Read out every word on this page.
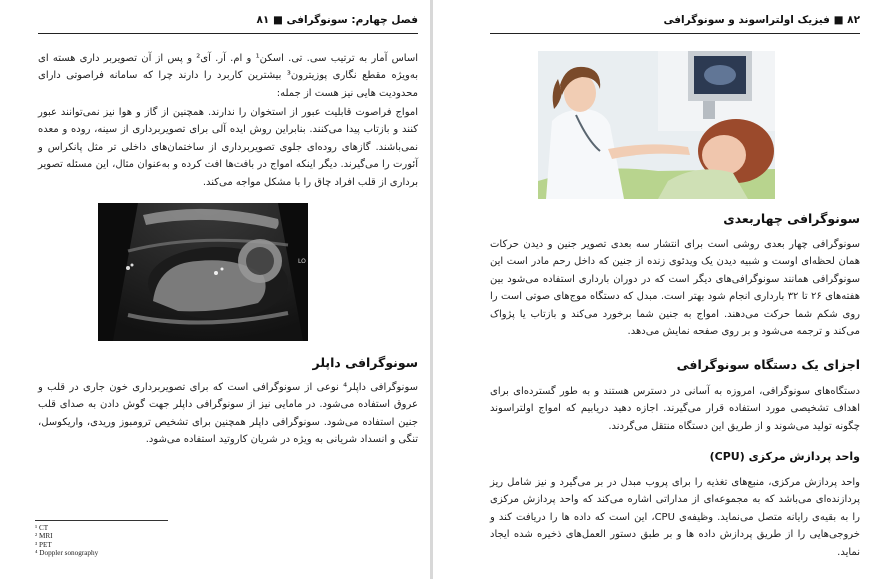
فصل چهارم: سونوگرافی ■ ۸۱

اساس آمار به ترتیب سی. تی. اسکن¹ و ام. آر. آی² و پس از آن تصویربر داری هسته ای به‌ویژه مقطع نگاری پوزیترون³ بیشترین کاربرد را دارند چرا که سامانه فراصوتی دارای محدودیت هایی نیز هست از جمله:

امواج فراصوت قابلیت عبور از استخوان را ندارند. همچنین از گاز و هوا نیز نمی‌توانند عبور کنند و بازتاب پیدا می‌کنند. بنابراین روش ایده آلی برای تصویربرداری از سینه، روده و معده نمی‌باشند. گازهای روده‌ای جلوی تصویربرداری از ساختمان‌های داخلی تر مثل پانکراس و آئورت را می‌گیرند. دیگر اینکه امواج در بافت‌ها افت کرده و به‌عنوان مثال، این مسئله تصویر برداری از قلب افراد چاق را با مشکل مواجه می‌کند.

LO
سونوگرافی داپلر

سونوگرافی داپلر⁴ نوعی از سونوگرافی است که برای تصویربرداری خون جاری در قلب و عروق استفاده می‌شود. در مامایی نیز از سونوگرافی داپلر جهت گوش دادن به صدای قلب جنین استفاده می‌شود. سونوگرافی داپلر همچنین برای تشخیص ترومبوز وریدی، واریکوسل، تنگی و انسداد شریانی به ویژه در شریان کاروتید استفاده می‌شود.

¹ CT
² MRI
³ PET
⁴ Doppler sonography
۸۲ ■ فیزیک اولتراسوند و سونوگرافی
سونوگرافی چهاربعدی

سونوگرافی چهار بعدی روشی است برای انتشار سه بعدی تصویر جنین و دیدن حرکات همان لحظه‌ای اوست و شبیه دیدن یک ویدئوی زنده از جنین که داخل رحم مادر است این سونوگرافی همانند سونوگرافی‌های دیگر است که در دوران بارداری استفاده می‌شود بین هفته‌های ۲۶ تا ۳۲ بارداری انجام شود بهتر است. مبدل که دستگاه موج‌های صوتی است را روی شکم شما حرکت می‌دهند. امواج به جنین شما برخورد می‌کند و بازتاب یا پژواک می‌کند و ترجمه می‌شود و بر روی صفحه نمایش می‌دهد.

اجزای یک دستگاه سونوگرافی

دستگاه‌های سونوگرافی، امروزه به آسانی در دسترس هستند و به طور گسترده‌ای برای اهداف تشخیصی مورد استفاده قرار می‌گیرند. اجازه دهید دریابیم که امواج اولتراسوند چگونه تولید می‌شوند و از طریق این دستگاه منتقل می‌گردند.

واحد پردازش مرکزی (CPU)

واحد پردازش مرکزی، منبع‌های تغذیه را برای پروب مبدل در بر می‌گیرد و نیز شامل ریز پردازنده‌ای می‌باشد که به مجموعه‌ای از مداراتی اشاره می‌کند که واحد پردازش مرکزی را به بقیه‌ی رایانه متصل می‌نماید. وظیفه‌ی CPU، این است که داده ها را دریافت کند و خروجی‌هایی را از طریق پردازش داده ها و بر طبق دستور العمل‌های ذخیره شده ایجاد نماید.
